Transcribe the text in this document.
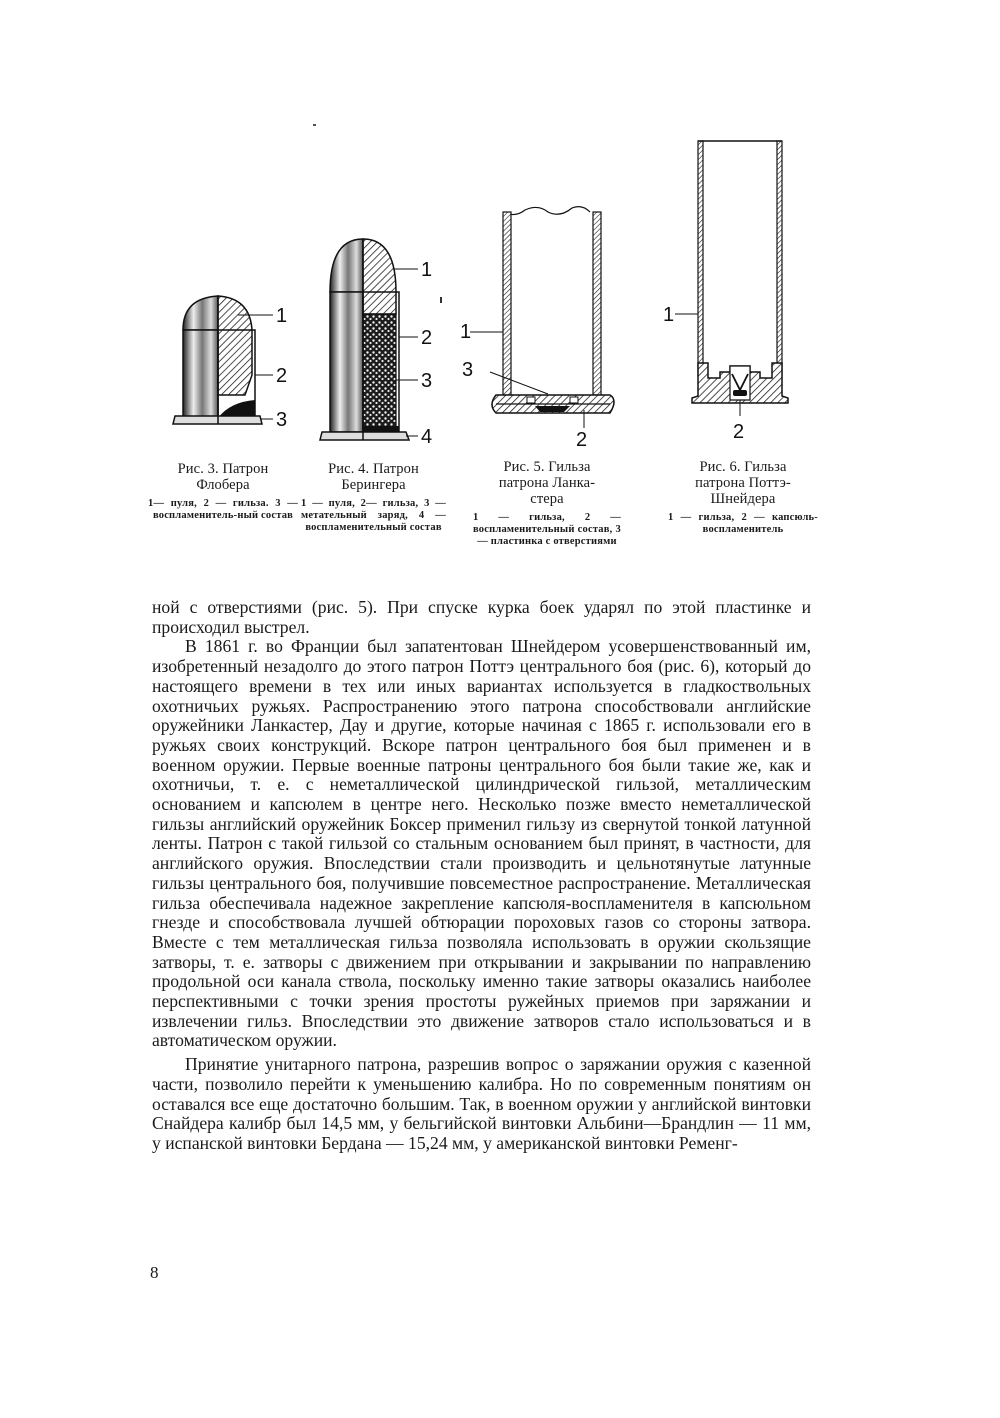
1
2
3
Рис. 3. Патрон
Флобера
1— пуля, 2 — гильза. 3 — воспламенитель-ный состав
1
2
3
4
Рис. 4. Патрон
Берингера
1 — пуля, 2— гильза, 3 — метательный заряд, 4 — воспламенительный состав
1
2
3
Рис. 5. Гильза
патрона Ланка-
стера
1 — гильза, 2 — воспламенительный состав, 3 — пластинка с отверстиями
1
2
Рис. 6. Гильза
патрона Поттэ-
Шнейдера
1 — гильза, 2 — капсюль-воспламенитель

ной с отверстиями (рис. 5). При спуске курка боек ударял по этой пластинке и происходил выстрел.

В 1861 г. во Франции был запатентован Шнейдером усовершенствованный им, изобретенный незадолго до этого патрон Поттэ центрального боя (рис. 6), который до настоящего времени в тех или иных вариантах используется в гладкоствольных охотничьих ружьях. Распространению этого патрона способствовали английские оружейники Ланкастер, Дау и другие, которые начиная с 1865 г. использовали его в ружьях своих конструкций. Вскоре патрон центрального боя был применен и в военном оружии. Первые военные патроны центрального боя были такие же, как и охотничьи, т. е. с неметаллической цилиндрической гильзой, металлическим основанием и капсюлем в центре него. Несколько позже вместо неметаллической гильзы английский оружейник Боксер применил гильзу из свернутой тонкой латунной ленты. Патрон с такой гильзой со стальным основанием был принят, в частности, для английского оружия. Впоследствии стали производить и цельнотянутые латунные гильзы центрального боя, получившие повсеместное распространение. Металлическая гильза обеспечивала надежное закрепление капсюля-воспламенителя в капсюльном гнезде и способствовала лучшей обтюрации пороховых газов со стороны затвора. Вместе с тем металлическая гильза позволяла использовать в оружии скользящие затворы, т. е. затворы с движением при открывании и закрывании по направлению продольной оси канала ствола, поскольку именно такие затворы оказались наиболее перспективными с точки зрения простоты ружейных приемов при заряжании и извлечении гильз. Впоследствии это движение затворов стало использоваться и в автоматическом оружии.

Принятие унитарного патрона, разрешив вопрос о заряжании оружия с казенной части, позволило перейти к уменьшению калибра. Но по современным понятиям он оставался все еще достаточно большим. Так, в военном оружии у английской винтовки Снайдера калибр был 14,5 мм, у бельгийской винтовки Альбини—Брандлин — 11 мм, у испанской винтовки Бердана — 15,24 мм, у американской винтовки Ременг-

8
